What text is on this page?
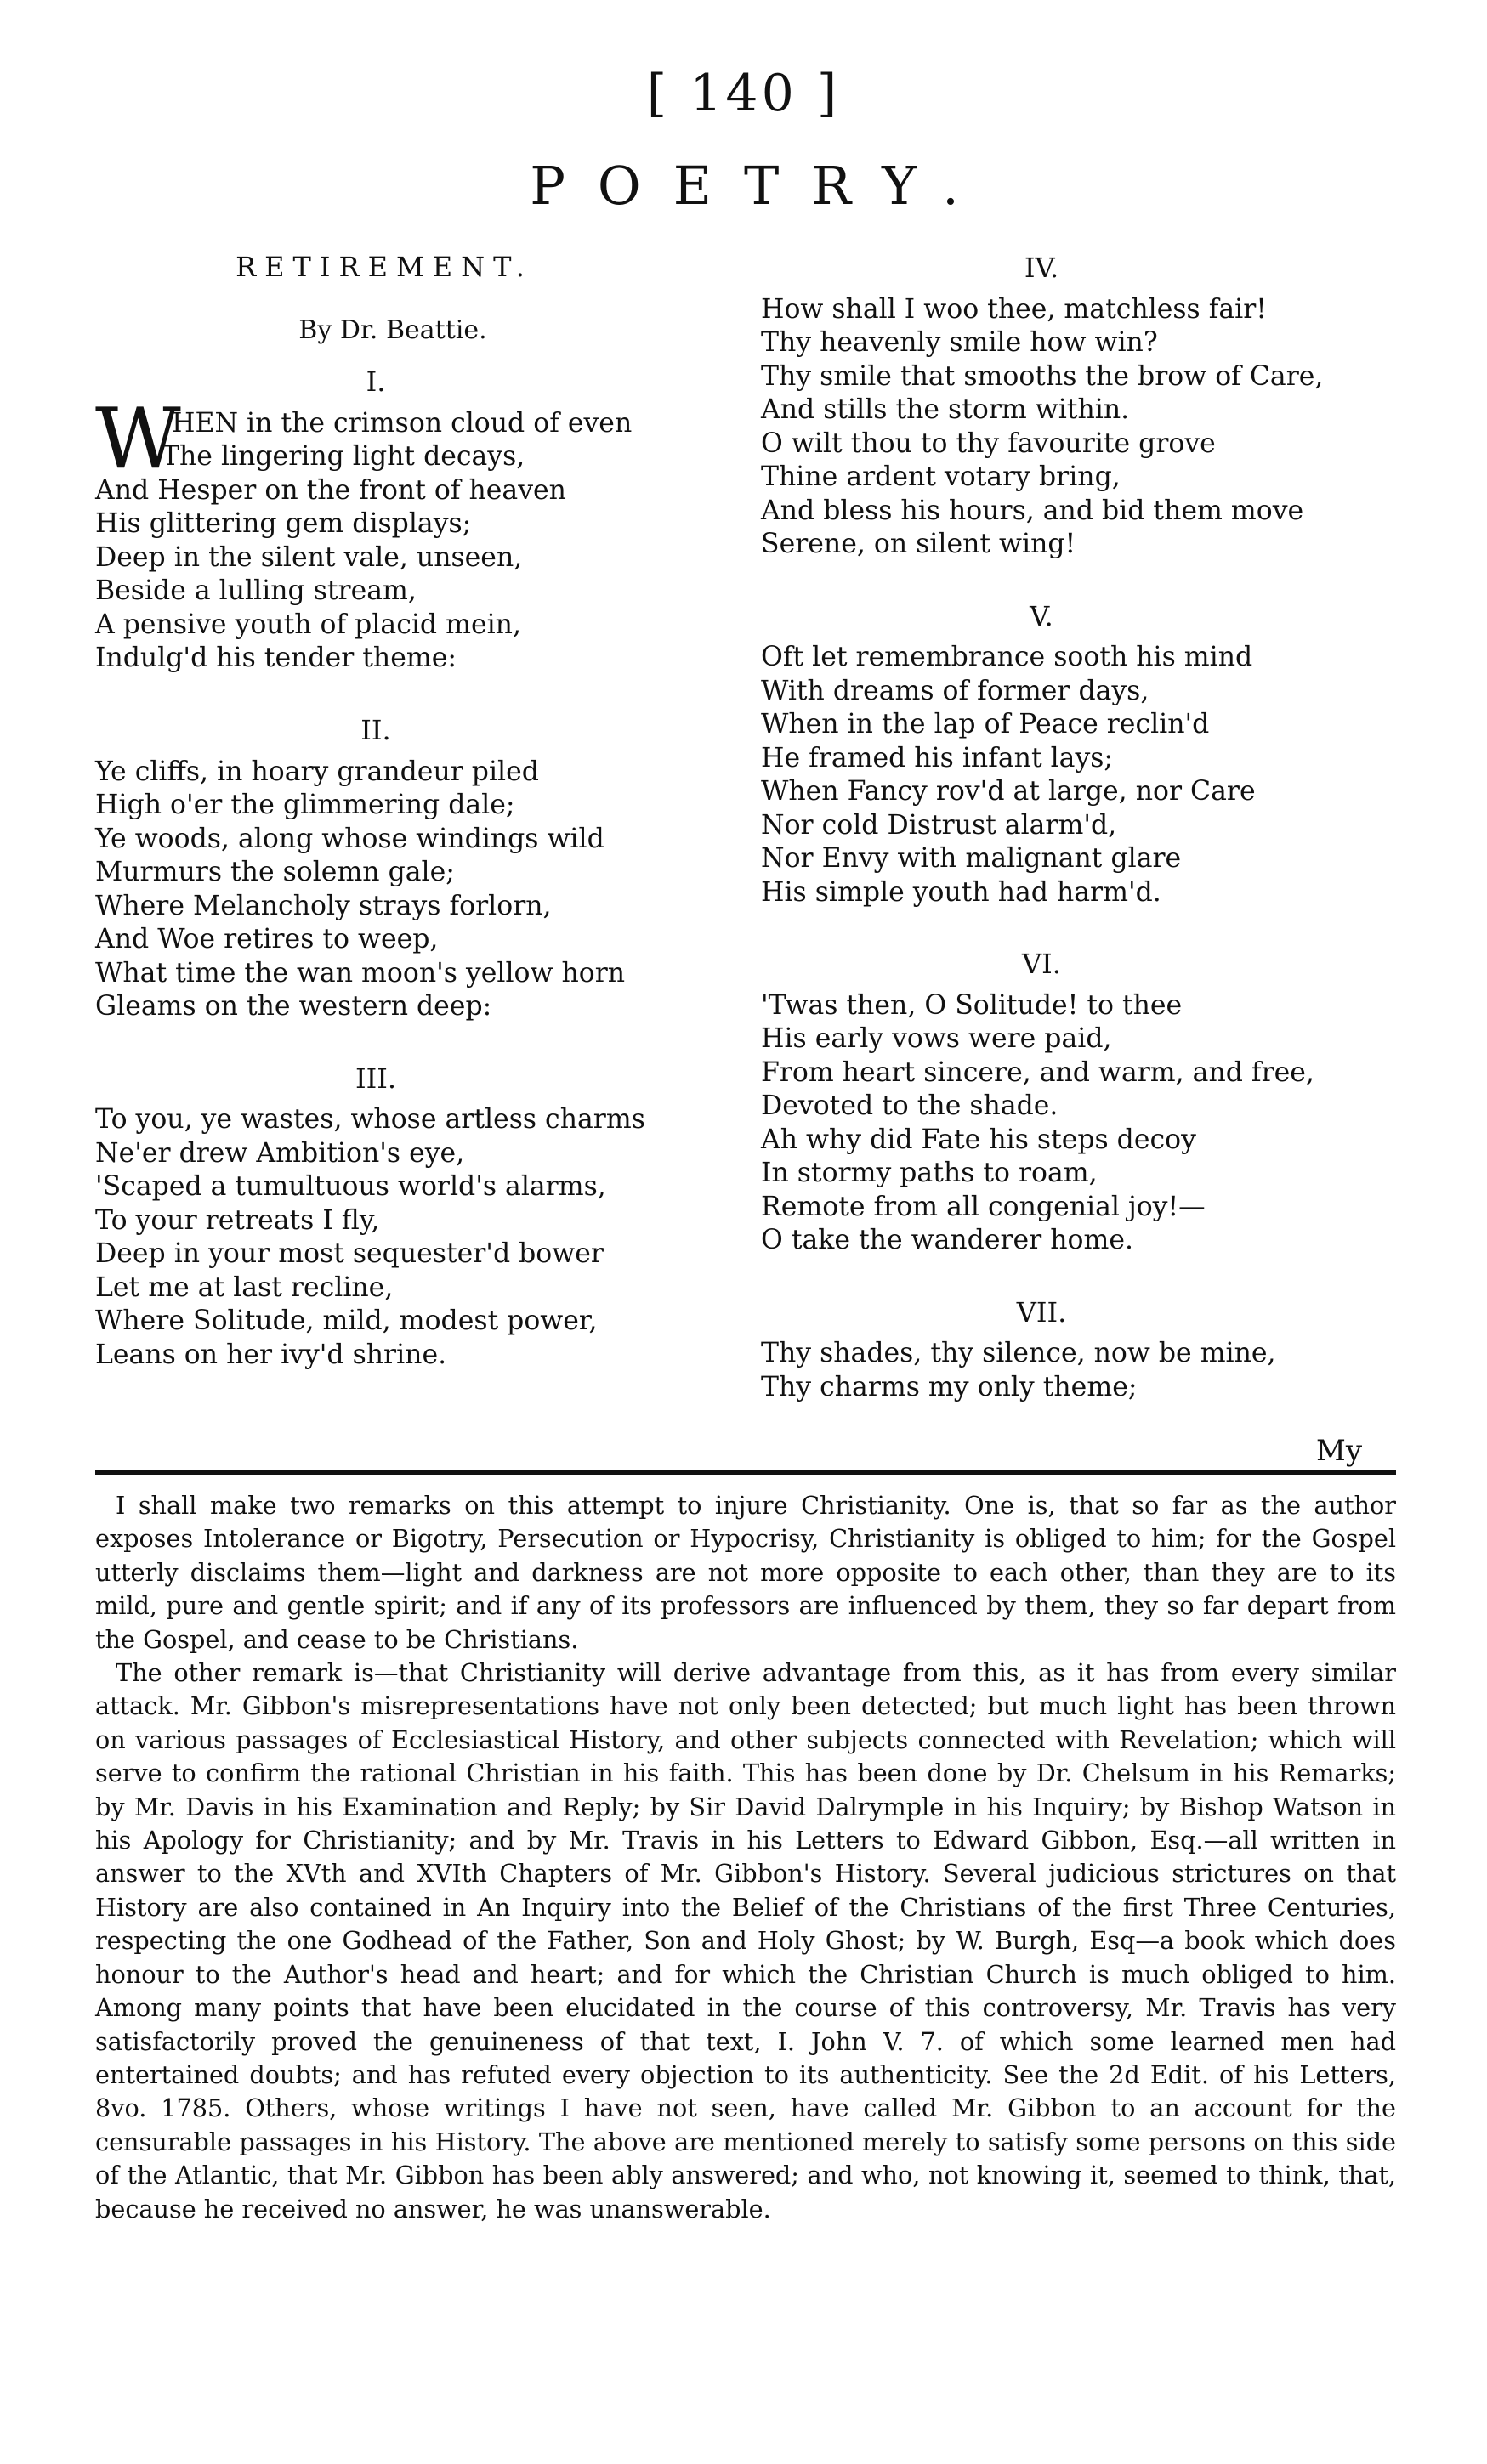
[ 140 ]
POETRY.
RETIREMENT.
By Dr. Beattie.
I.
W
HEN in the crimson cloud of even
The lingering light decays,
And Hesper on the front of heaven
His glittering gem displays;
Deep in the silent vale, unseen,
Beside a lulling stream,
A pensive youth of placid mein,
Indulg'd his tender theme:
II.
Ye cliffs, in hoary grandeur piled
High o'er the glimmering dale;
Ye woods, along whose windings wild
Murmurs the solemn gale;
Where Melancholy strays forlorn,
And Woe retires to weep,
What time the wan moon's yellow horn
Gleams on the western deep:
III.
To you, ye wastes, whose artless charms
Ne'er drew Ambition's eye,
'Scaped a tumultuous world's alarms,
To your retreats I fly,
Deep in your most sequester'd bower
Let me at last recline,
Where Solitude, mild, modest power,
Leans on her ivy'd shrine.
IV.
How shall I woo thee, matchless fair!
Thy heavenly smile how win?
Thy smile that smooths the brow of Care,
And stills the storm within.
O wilt thou to thy favourite grove
Thine ardent votary bring,
And bless his hours, and bid them move
Serene, on silent wing!
V.
Oft let remembrance sooth his mind
With dreams of former days,
When in the lap of Peace reclin'd
He framed his infant lays;
When Fancy rov'd at large, nor Care
Nor cold Distrust alarm'd,
Nor Envy with malignant glare
His simple youth had harm'd.
VI.
'Twas then, O Solitude! to thee
His early vows were paid,
From heart sincere, and warm, and free,
Devoted to the shade.
Ah why did Fate his steps decoy
In stormy paths to roam,
Remote from all congenial joy!—
O take the wanderer home.
VII.
Thy shades, thy silence, now be mine,
Thy charms my only theme;
My

I shall make two remarks on this attempt to injure Christianity. One is, that so far as the author exposes Intolerance or Bigotry, Persecution or Hypocrisy, Christianity is obliged to him; for the Gospel utterly disclaims them—light and darkness are not more opposite to each other, than they are to its mild, pure and gentle spirit; and if any of its professors are influenced by them, they so far depart from the Gospel, and cease to be Christians.

The other remark is—that Christianity will derive advantage from this, as it has from every similar attack. Mr. Gibbon's misrepresentations have not only been detected; but much light has been thrown on various passages of Ecclesiastical History, and other subjects connected with Revelation; which will serve to confirm the rational Christian in his faith. This has been done by Dr. Chelsum in his Remarks; by Mr. Davis in his Examination and Reply; by Sir David Dalrymple in his Inquiry; by Bishop Watson in his Apology for Christianity; and by Mr. Travis in his Letters to Edward Gibbon, Esq.—all written in answer to the XVth and XVIth Chapters of Mr. Gibbon's History. Several judicious strictures on that History are also contained in An Inquiry into the Belief of the Christians of the first Three Centuries, respecting the one Godhead of the Father, Son and Holy Ghost; by W. Burgh, Esq—a book which does honour to the Author's head and heart; and for which the Christian Church is much obliged to him. Among many points that have been elucidated in the course of this controversy, Mr. Travis has very satisfactorily proved the genuineness of that text, I. John V. 7. of which some learned men had entertained doubts; and has refuted every objection to its authenticity. See the 2d Edit. of his Letters, 8vo. 1785. Others, whose writings I have not seen, have called Mr. Gibbon to an account for the censurable passages in his History. The above are mentioned merely to satisfy some persons on this side of the Atlantic, that Mr. Gibbon has been ably answered; and who, not knowing it, seemed to think, that, because he received no answer, he was unanswerable.
